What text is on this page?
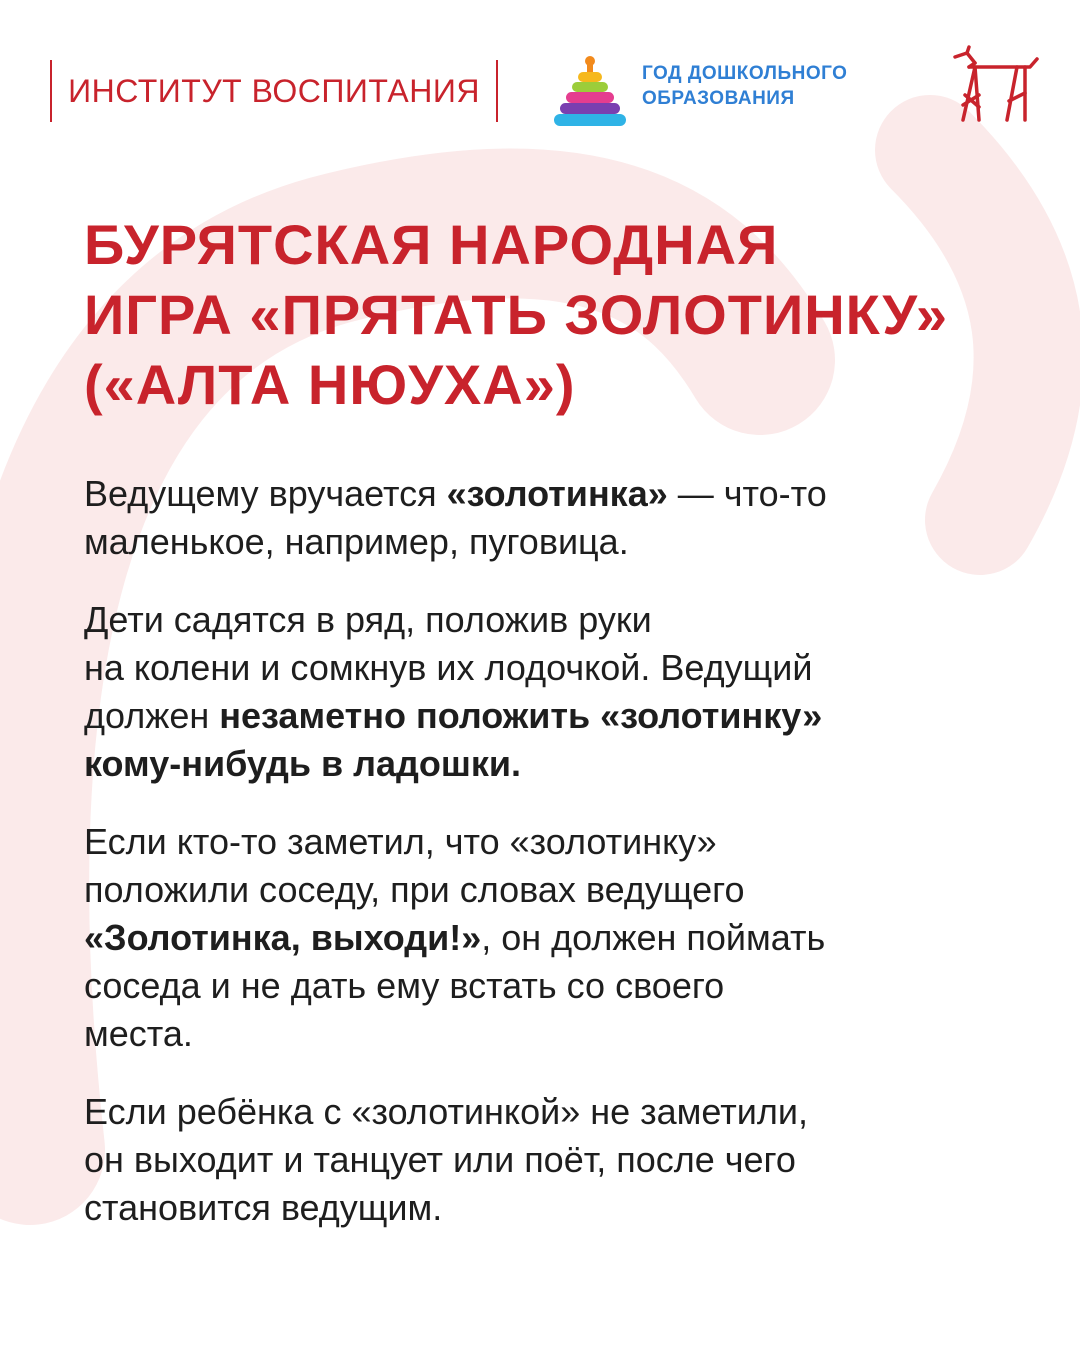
ИНСТИТУТ ВОСПИТАНИЯ	ГОД ДОШКОЛЬНОГО
ОБРАЗОВАНИЯ
БУРЯТСКАЯ НАРОДНАЯ
ИГРА «ПРЯТАТЬ ЗОЛОТИНКУ»
(«АЛТА НЮУХА»)

Ведущему вручается «золотинка» — что-то
маленькое, например, пуговица.

Дети садятся в ряд, положив руки
на колени и сомкнув их лодочкой. Ведущий
должен незаметно положить «золотинку»
кому-нибудь в ладошки.

Если кто-то заметил, что «золотинку»
положили соседу, при словах ведущего
«Золотинка, выходи!», он должен поймать
соседа и не дать ему встать со своего
места.

Если ребёнка с «золотинкой» не заметили,
он выходит и танцует или поёт, после чего
становится ведущим.
